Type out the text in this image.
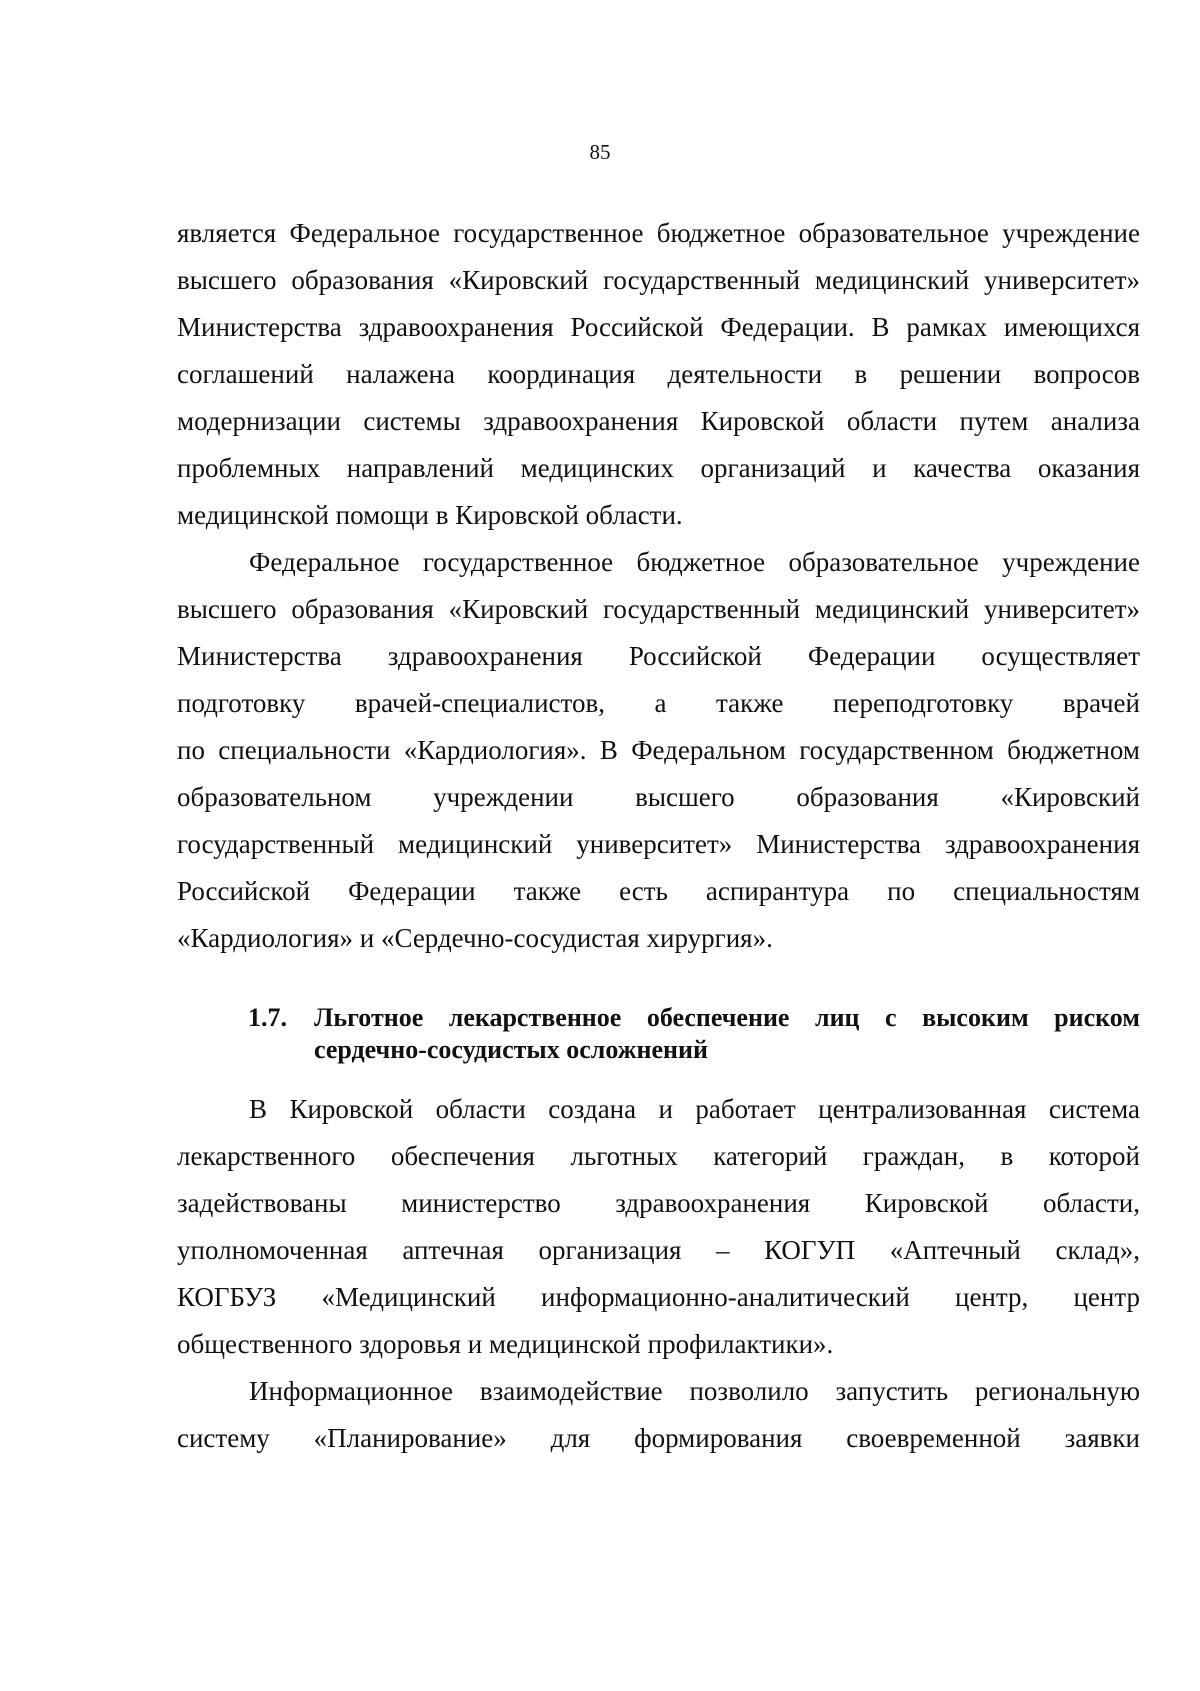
85

является Федеральное государственное бюджетное образовательное учреждение
высшего образования «Кировский государственный медицинский университет»
Министерства здравоохранения Российской Федерации. В рамках имеющихся
соглашений налажена координация деятельности в решении вопросов
модернизации системы здравоохранения Кировской области путем анализа
проблемных направлений медицинских организаций и качества оказания
медицинской помощи в Кировской области.

Федеральное государственное бюджетное образовательное учреждение
высшего образования «Кировский государственный медицинский университет»
Министерства здравоохранения Российской Федерации осуществляет
подготовку врачей-специалистов, а также переподготовку врачей
по специальности «Кардиология». В Федеральном государственном бюджетном
образовательном учреждении высшего образования «Кировский
государственный медицинский университет» Министерства здравоохранения
Российской Федерации также есть аспирантура по специальностям
«Кардиология» и «Сердечно-сосудистая хирургия».

1.7. Льготное лекарственное обеспечение лиц с высоким риском
сердечно-сосудистых осложнений

В Кировской области создана и работает централизованная система
лекарственного обеспечения льготных категорий граждан, в которой
задействованы министерство здравоохранения Кировской области,
уполномоченная аптечная организация – КОГУП «Аптечный склад»,
КОГБУЗ «Медицинский информационно-аналитический центр, центр
общественного здоровья и медицинской профилактики».

Информационное взаимодействие позволило запустить региональную
систему «Планирование» для формирования своевременной заявки
